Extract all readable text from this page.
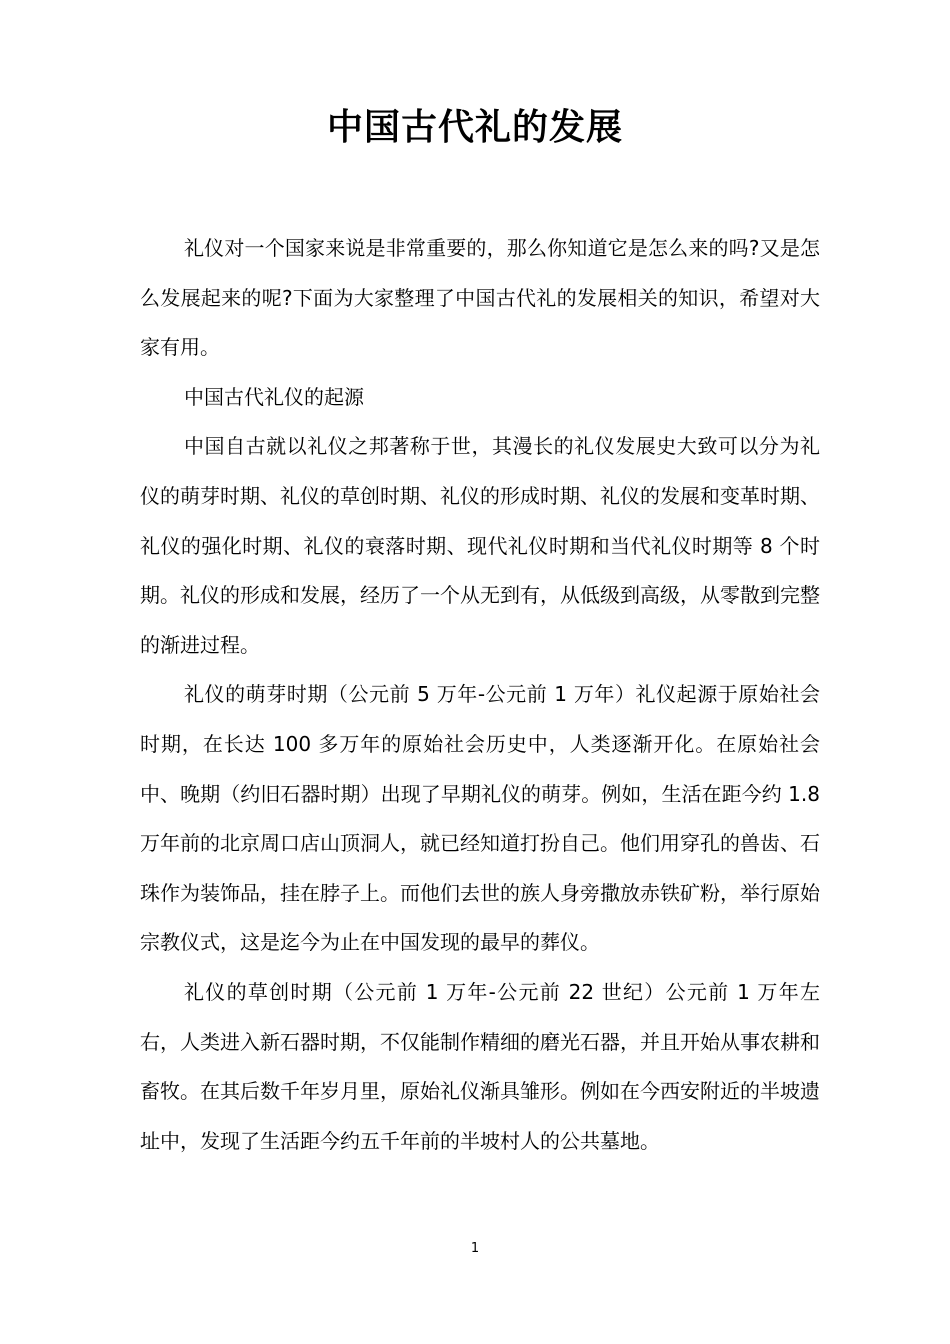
中国古代礼的发展

礼仪对一个国家来说是非常重要的，那么你知道它是怎么来的吗?又是怎么发展起来的呢?下面为大家整理了中国古代礼的发展相关的知识，希望对大家有用。

中国古代礼仪的起源

中国自古就以礼仪之邦著称于世，其漫长的礼仪发展史大致可以分为礼仪的萌芽时期、礼仪的草创时期、礼仪的形成时期、礼仪的发展和变革时期、礼仪的强化时期、礼仪的衰落时期、现代礼仪时期和当代礼仪时期等 8 个时期。礼仪的形成和发展，经历了一个从无到有，从低级到高级，从零散到完整的渐进过程。

礼仪的萌芽时期（公元前 5 万年-公元前 1 万年）礼仪起源于原始社会时期，在长达 100 多万年的原始社会历史中，人类逐渐开化。在原始社会中、晚期（约旧石器时期）出现了早期礼仪的萌芽。例如，生活在距今约 1.8 万年前的北京周口店山顶洞人，就已经知道打扮自己。他们用穿孔的兽齿、石珠作为装饰品，挂在脖子上。而他们去世的族人身旁撒放赤铁矿粉，举行原始宗教仪式，这是迄今为止在中国发现的最早的葬仪。

礼仪的草创时期（公元前 1 万年-公元前 22 世纪）公元前 1 万年左右，人类进入新石器时期，不仅能制作精细的磨光石器，并且开始从事农耕和畜牧。在其后数千年岁月里，原始礼仪渐具雏形。例如在今西安附近的半坡遗址中，发现了生活距今约五千年前的半坡村人的公共墓地。

1
